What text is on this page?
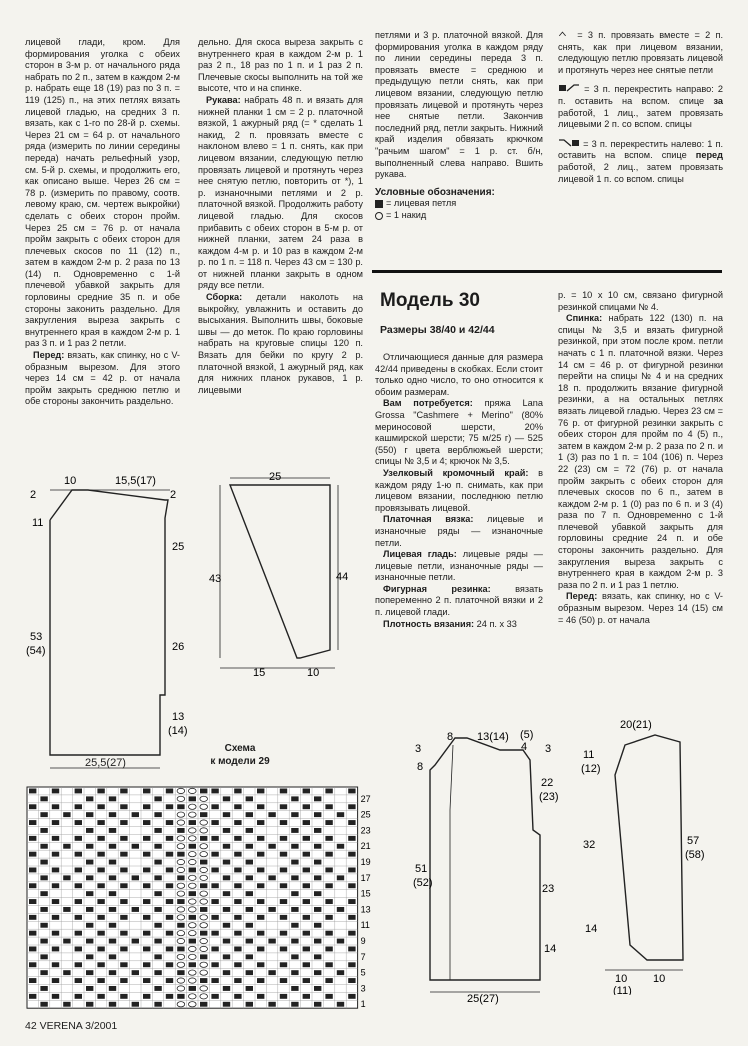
лицевой глади, кром. Для формирования уголка с обеих сторон в 3-м р. от начального ряда набрать по 2 п., затем в каждом 2-м р. набрать еще 18 (19) раз по 3 п. = 119 (125) п., на этих петлях вязать лицевой гладью, на средних 3 п. вязать, как с 1-го по 28-й р. схемы. Через 21 см = 64 р. от начального ряда (измерить по линии середины переда) начать рельефный узор, см. 5-й р. схемы, и продолжить его, как описано выше. Через 26 см = 78 р. (измерить по правому, соотв. левому краю, см. чертеж выкройки) сделать с обеих сторон пройм. Через 25 см = 76 р. от начала пройм закрыть с обеих сторон для плечевых скосов по 11 (12) п., затем в каждом 2-м р. 2 раза по 13 (14) п. Одновременно с 1-й плечевой убавкой закрыть для горловины средние 35 п. и обе стороны законить раздельно. Для закругления выреза закрыть с внутреннего края в каждом 2-м р. 1 раз 3 п. и 1 раз 2 петли.

Перед: вязать, как спинку, но с V-образным вырезом. Для этого через 14 см = 42 р. от начала пройм закрыть среднюю петлю и обе стороны закончить раздельно.

дельно. Для скоса выреза закрыть с внутреннего края в каждом 2-м р. 1 раз 2 п., 18 раз по 1 п. и 1 раз 2 п. Плечевые скосы выполнить на той же высоте, что и на спинке.

Рукава: набрать 48 п. и вязать для нижней планки 1 см = 2 р. платочной вязкой, 1 ажурный ряд (= * сделать 1 накид, 2 п. провязать вместе с наклоном влево = 1 п. снять, как при лицевом вязании, следующую петлю провязать лицевой и протянуть через нее снятую петлю, повторить от *), 1 р. изнаночными петлями и 2 р. платочной вязкой. Продолжить работу лицевой гладью. Для скосов прибавить с обеих сторон в 5-м р. от нижней планки, затем 24 раза в каждом 4-м р. и 10 раз в каждом 2-м р. по 1 п. = 118 п. Через 43 см = 130 р. от нижней планки закрыть в одном ряду все петли.

Сборка: детали наколоть на выкройку, увлажнить и оставить до высыхания. Выполнить швы, боковые швы — до меток. По краю горловины набрать на круговые спицы 120 п. Вязать для бейки по кругу 2 р. платочной вязкой, 1 ажурный ряд, как для нижних планок рукавов, 1 р. лицевыми

петлями и 3 р. платочной вязкой. Для формирования уголка в каждом ряду по линии середины переда 3 п. провязать вместе = среднюю и предыдущую петли снять, как при лицевом вязании, следующую петлю провязать лицевой и протянуть через нее снятые петли. Закончив последний ряд, петли закрыть. Нижний край изделия обвязать крючком "рачьим шагом" = 1 р. ст. б/н, выполненный слева направо. Вшить рукава.

Условные обозначения:
= лицевая петля
= 1 накид

= 3 п. провязать вместе = 2 п. снять, как при лицевом вязании, следующую петлю провязать лицевой и протянуть через нее снятые петли

= 3 п. перекрестить направо: 2 п. оставить на вспом. спице за работой, 1 лиц., затем провязать лицевыми 2 п. со вспом. спицы

= 3 п. перекрестить налево: 1 п. оставить на вспом. спице перед работой, 2 лиц., затем провязать лицевой 1 п. со вспом. спицы

Модель 30
Размеры 38/40 и 42/44

Отличающиеся данные для размера 42/44 приведены в скобках. Если стоит только одно число, то оно относится к обоим размерам.

Вам потребуется: пряжа Lana Grossa "Cashmere + Merino" (80% мериносовой шерсти, 20% кашмирской шерсти; 75 м/25 г) — 525 (550) г цвета верблюжьей шерсти; спицы № 3,5 и 4; крючок № 3,5.

Узелковый кромочный край: в каждом ряду 1-ю п. снимать, как при лицевом вязании, последнюю петлю провязывать лицевой.

Платочная вязка: лицевые и изнаночные ряды — изнаночные петли.

Лицевая гладь: лицевые ряды — лицевые петли, изнаночные ряды — изнаночные петли.

Фигурная резинка: вязать попеременно 2 п. платочной вязки и 2 п. лицевой глади.

Плотность вязания: 24 п. х 33

р. = 10 х 10 см, связано фигурной резинкой спицами № 4.

Спинка: набрать 122 (130) п. на спицы № 3,5 и вязать фигурной резинкой, при этом после кром. петли начать с 1 п. платочной вязки. Через 14 см = 46 р. от фигурной резинки перейти на спицы № 4 и на средних 18 п. продолжить вязание фигурной резинки, а на остальных петлях вязать лицевой гладью. Через 23 см = 76 р. от фигурной резинки закрыть с обеих сторон для пройм по 4 (5) п., затем в каждом 2-м р. 2 раза по 2 п. и 1 (3) раз по 1 п. = 104 (106) п. Через 22 (23) см = 72 (76) р. от начала пройм закрыть с обеих сторон для плечевых скосов по 6 п., затем в каждом 2-м р. 1 (0) раз по 6 п. и 3 (4) раза по 7 п. Одновременно с 1-й плечевой убавкой закрыть для горловины средние 24 п. и обе стороны закончить раздельно. Для закругления выреза закрыть с внутреннего края в каждом 2-м р. 3 раза по 2 п. и 1 раз 1 петлю.

Перед: вязать, как спинку, но с V-образным вырезом. Через 14 (15) см = 46 (50) р. от начала

10	15,5(17)
2	2
11
25
53
(54)	26
13
(14)
25,5(27)
25
43	44
15	10
Схема
к модели 29
27
25
23
21
19
17
15
13
11
9
7
5
3
1
8 13(14) (5)
4
3	3
8
22
(23)
51
(52)	23
14
25(27)
20(21)
11
(12)
32	57
(58)
14
10 10
(11)
42 VERENA 3/2001
